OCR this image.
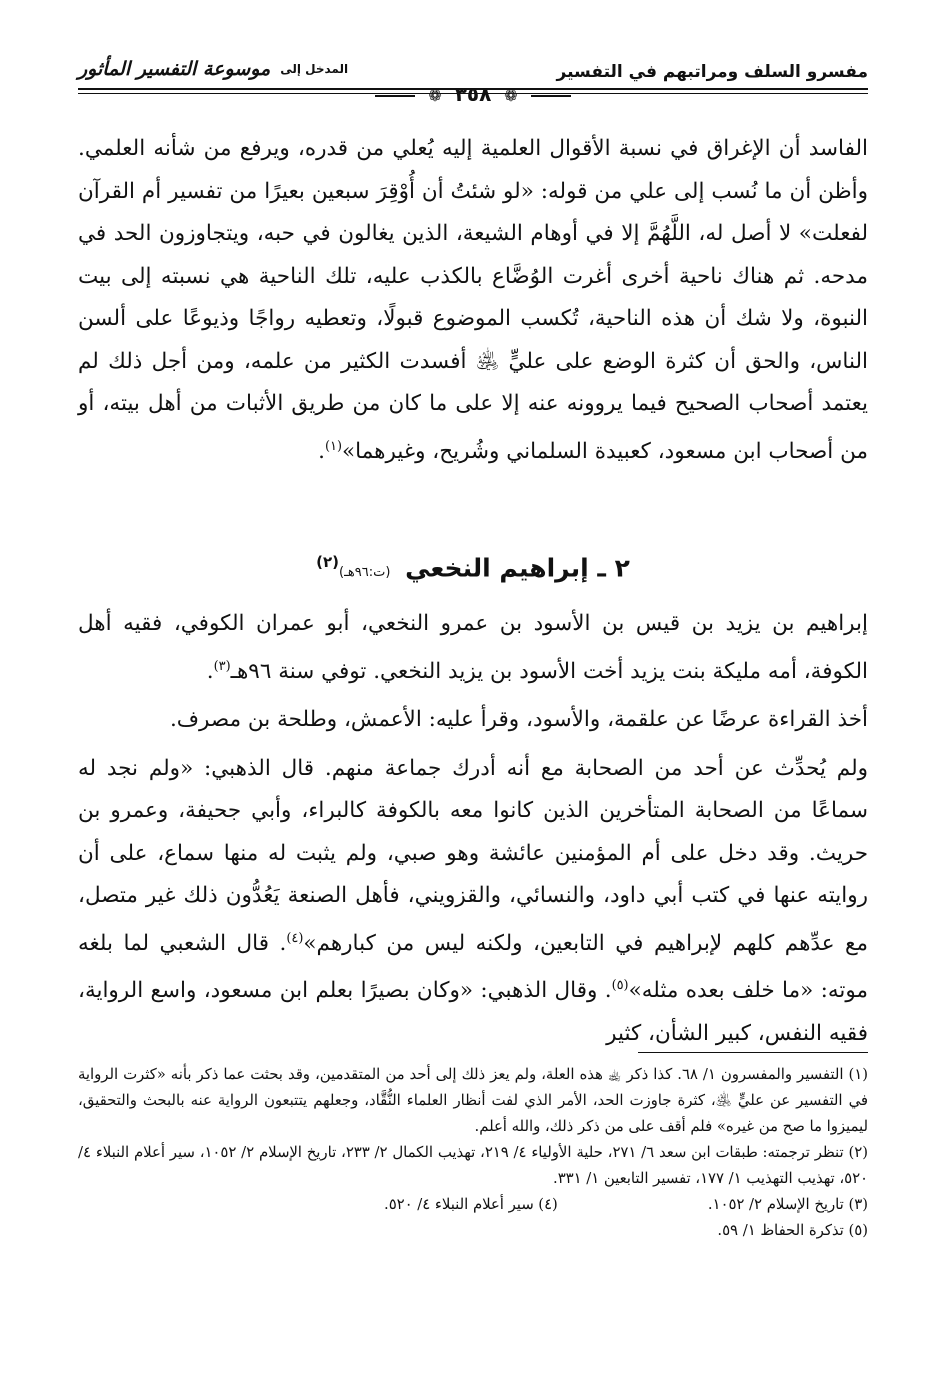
مفسرو السلف ومراتبهم في التفسير
المدخل إلى
موسوعة التفسير المأثور
❁ ٣٥٨ ❁

الفاسد أن الإغراق في نسبة الأقوال العلمية إليه يُعلي من قدره، ويرفع من شأنه العلمي. وأظن أن ما نُسب إلى علي من قوله: «لو شئتُ أن أُوْقِرَ سبعين بعيرًا من تفسير أم القرآن لفعلت» لا أصل له، اللَّهُمَّ إلا في أوهام الشيعة، الذين يغالون في حبه، ويتجاوزون الحد في مدحه. ثم هناك ناحية أخرى أغرت الوُضَّاع بالكذب عليه، تلك الناحية هي نسبته إلى بيت النبوة، ولا شك أن هذه الناحية، تُكسب الموضوع قبولًا، وتعطيه رواجًا وذيوعًا على ألسن الناس، والحق أن كثرة الوضع على عليٍّ ﵁ أفسدت الكثير من علمه، ومن أجل ذلك لم يعتمد أصحاب الصحيح فيما يروونه عنه إلا على ما كان من طريق الأثبات من أهل بيته، أو من أصحاب ابن مسعود، كعبيدة السلماني وشُريح، وغيرهما»$^{(١)}$.

٢ ـ إبراهيم النخعي (ت:٩٦هـ)$^{(٢)}$

إبراهيم بن يزيد بن قيس بن الأسود بن عمرو النخعي، أبو عمران الكوفي، فقيه أهل الكوفة، أمه مليكة بنت يزيد أخت الأسود بن يزيد النخعي. توفي سنة ٩٦هـ$^{(٣)}$.

أخذ القراءة عرضًا عن علقمة، والأسود، وقرأ عليه: الأعمش، وطلحة بن مصرف.

ولم يُحدِّث عن أحد من الصحابة مع أنه أدرك جماعة منهم. قال الذهبي: «ولم نجد له سماعًا من الصحابة المتأخرين الذين كانوا معه بالكوفة كالبراء، وأبي جحيفة، وعمرو بن حريث. وقد دخل على أم المؤمنين عائشة وهو صبي، ولم يثبت له منها سماع، على أن روايته عنها في كتب أبي داود، والنسائي، والقزويني، فأهل الصنعة يَعُدُّون ذلك غير متصل، مع عدِّهم كلهم لإبراهيم في التابعين، ولكنه ليس من كبارهم»$^{(٤)}$. قال الشعبي لما بلغه موته: «ما خلف بعده مثله»$^{(٥)}$. وقال الذهبي: «وكان بصيرًا بعلم ابن مسعود، واسع الرواية، فقيه النفس، كبير الشأن، كثير

(١) التفسير والمفسرون ١/ ٦٨. كذا ذكر ﵀ هذه العلة، ولم يعز ذلك إلى أحد من المتقدمين، وقد بحثت عما ذكر بأنه «كثرت الرواية في التفسير عن عليٍّ ﵁، كثرة جاوزت الحد، الأمر الذي لفت أنظار العلماء النُّقَّاد، وجعلهم يتتبعون الرواية عنه بالبحث والتحقيق، ليميزوا ما صح من غيره» فلم أقف على من ذكر ذلك، والله أعلم.

(٢) تنظر ترجمته: طبقات ابن سعد ٦/ ٢٧١، حلية الأولياء ٤/ ٢١٩، تهذيب الكمال ٢/ ٢٣٣، تاريخ الإسلام ٢/ ١٠٥٢، سير أعلام النبلاء ٤/ ٥٢٠، تهذيب التهذيب ١/ ١٧٧، تفسير التابعين ١/ ٣٣١.

(٣) تاريخ الإسلام ٢/ ١٠٥٢.

(٤) سير أعلام النبلاء ٤/ ٥٢٠.

(٥) تذكرة الحفاظ ١/ ٥٩.
